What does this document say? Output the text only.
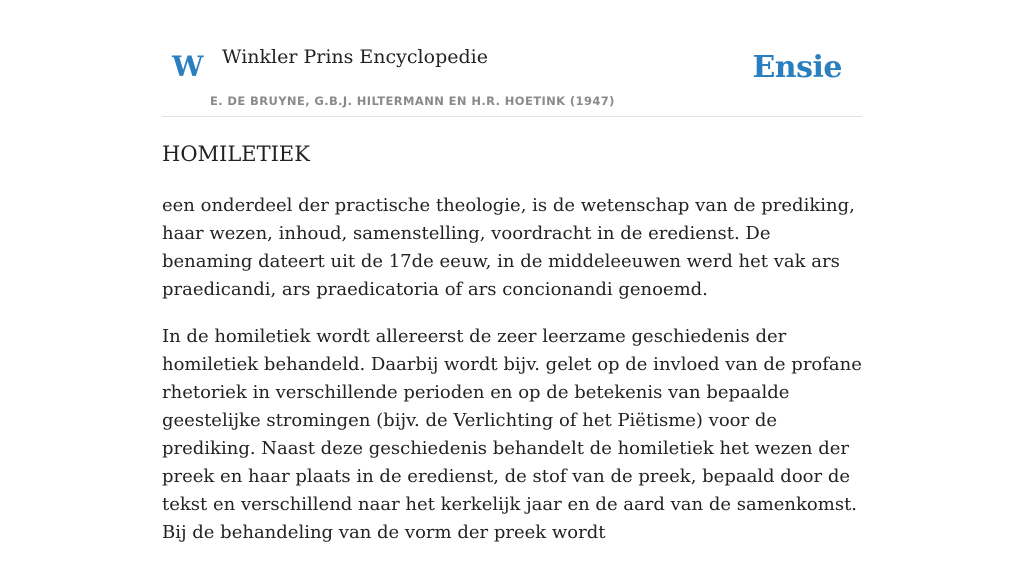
W Winkler Prins Encyclopedie
E. DE BRUYNE, G.B.J. HILTERMANN EN H.R. HOETINK (1947)
Ensie
HOMILETIEK

een onderdeel der practische theologie, is de wetenschap van de prediking, haar wezen, inhoud, samenstelling, voordracht in de eredienst. De benaming dateert uit de 17de eeuw, in de middeleeuwen werd het vak ars praedicandi, ars praedicatoria of ars concionandi genoemd.

In de homiletiek wordt allereerst de zeer leerzame geschiedenis der homiletiek behandeld. Daarbij wordt bijv. gelet op de invloed van de profane rhetoriek in verschillende perioden en op de betekenis van bepaalde geestelijke stromingen (bijv. de Verlichting of het Piëtisme) voor de prediking. Naast deze geschiedenis behandelt de homiletiek het wezen der preek en haar plaats in de eredienst, de stof van de preek, bepaald door de tekst en verschillend naar het kerkelijk jaar en de aard van de samenkomst. Bij de behandeling van de vorm der preek wordt
